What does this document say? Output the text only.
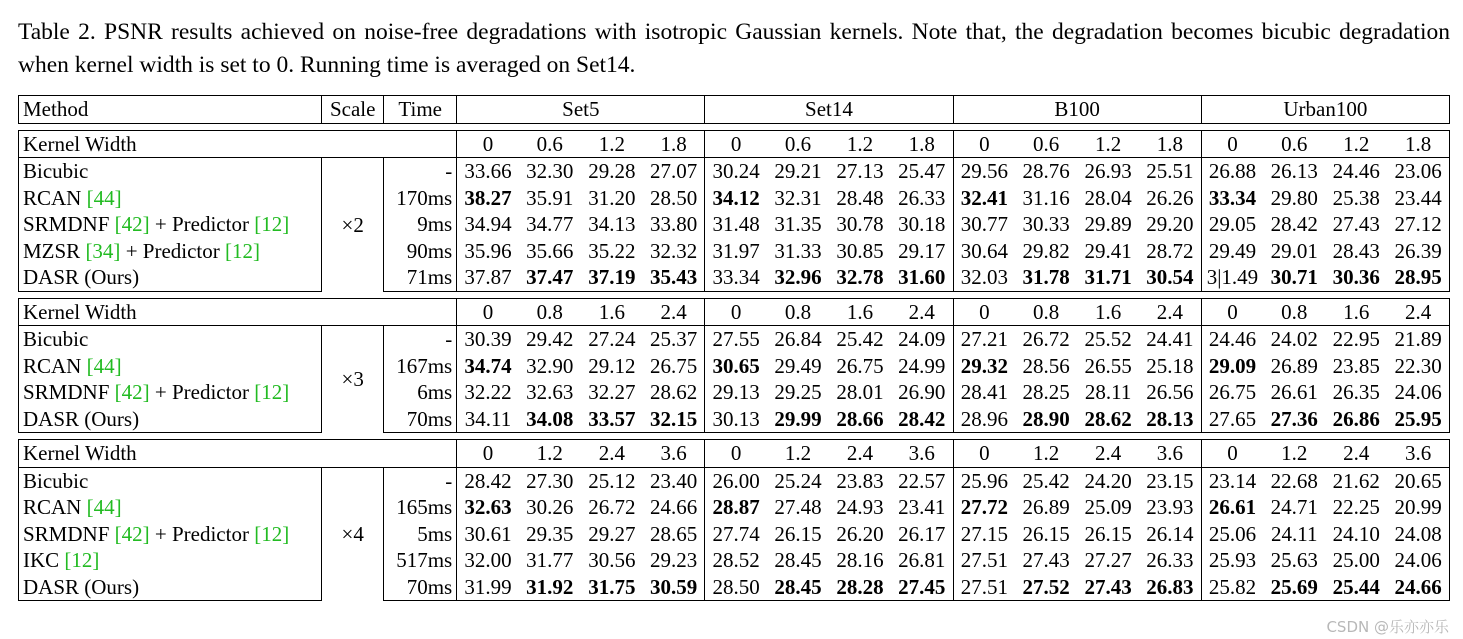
Table 2. PSNR results achieved on noise-free degradations with isotropic Gaussian kernels. Note that, the degradation becomes bicubic degradation when kernel width is set to 0. Running time is averaged on Set14.
Method	Scale	Time	Set5				Set14				B100				Urban100			

Kernel Width			0	0.6	1.2	1.8	0	0.6	1.2	1.8	0	0.6	1.2	1.8	0	0.6	1.2	1.8
Bicubic	×2	-	33.66	32.30	29.28	27.07	30.24	29.21	27.13	25.47	29.56	28.76	26.93	25.51	26.88	26.13	24.46	23.06
RCAN [44]		170ms	38.27	35.91	31.20	28.50	34.12	32.31	28.48	26.33	32.41	31.16	28.04	26.26	33.34	29.80	25.38	23.44
SRMDNF [42] + Predictor [12]		9ms	34.94	34.77	34.13	33.80	31.48	31.35	30.78	30.18	30.77	30.33	29.89	29.20	29.05	28.42	27.43	27.12
MZSR [34] + Predictor [12]		90ms	35.96	35.66	35.22	32.32	31.97	31.33	30.85	29.17	30.64	29.82	29.41	28.72	29.49	29.01	28.43	26.39
DASR (Ours)		71ms	37.87	37.47	37.19	35.43	33.34	32.96	32.78	31.60	32.03	31.78	31.71	30.54	3|1.49	30.71	30.36	28.95

Kernel Width			0	0.8	1.6	2.4	0	0.8	1.6	2.4	0	0.8	1.6	2.4	0	0.8	1.6	2.4
Bicubic	×3	-	30.39	29.42	27.24	25.37	27.55	26.84	25.42	24.09	27.21	26.72	25.52	24.41	24.46	24.02	22.95	21.89
RCAN [44]		167ms	34.74	32.90	29.12	26.75	30.65	29.49	26.75	24.99	29.32	28.56	26.55	25.18	29.09	26.89	23.85	22.30
SRMDNF [42] + Predictor [12]		6ms	32.22	32.63	32.27	28.62	29.13	29.25	28.01	26.90	28.41	28.25	28.11	26.56	26.75	26.61	26.35	24.06
DASR (Ours)		70ms	34.11	34.08	33.57	32.15	30.13	29.99	28.66	28.42	28.96	28.90	28.62	28.13	27.65	27.36	26.86	25.95

Kernel Width			0	1.2	2.4	3.6	0	1.2	2.4	3.6	0	1.2	2.4	3.6	0	1.2	2.4	3.6
Bicubic	×4	-	28.42	27.30	25.12	23.40	26.00	25.24	23.83	22.57	25.96	25.42	24.20	23.15	23.14	22.68	21.62	20.65
RCAN [44]		165ms	32.63	30.26	26.72	24.66	28.87	27.48	24.93	23.41	27.72	26.89	25.09	23.93	26.61	24.71	22.25	20.99
SRMDNF [42] + Predictor [12]		5ms	30.61	29.35	29.27	28.65	27.74	26.15	26.20	26.17	27.15	26.15	26.15	26.14	25.06	24.11	24.10	24.08
IKC [12]		517ms	32.00	31.77	30.56	29.23	28.52	28.45	28.16	26.81	27.51	27.43	27.27	26.33	25.93	25.63	25.00	24.06
DASR (Ours)		70ms	31.99	31.92	31.75	30.59	28.50	28.45	28.28	27.45	27.51	27.52	27.43	26.83	25.82	25.69	25.44	24.66
CSDN @乐亦亦乐
